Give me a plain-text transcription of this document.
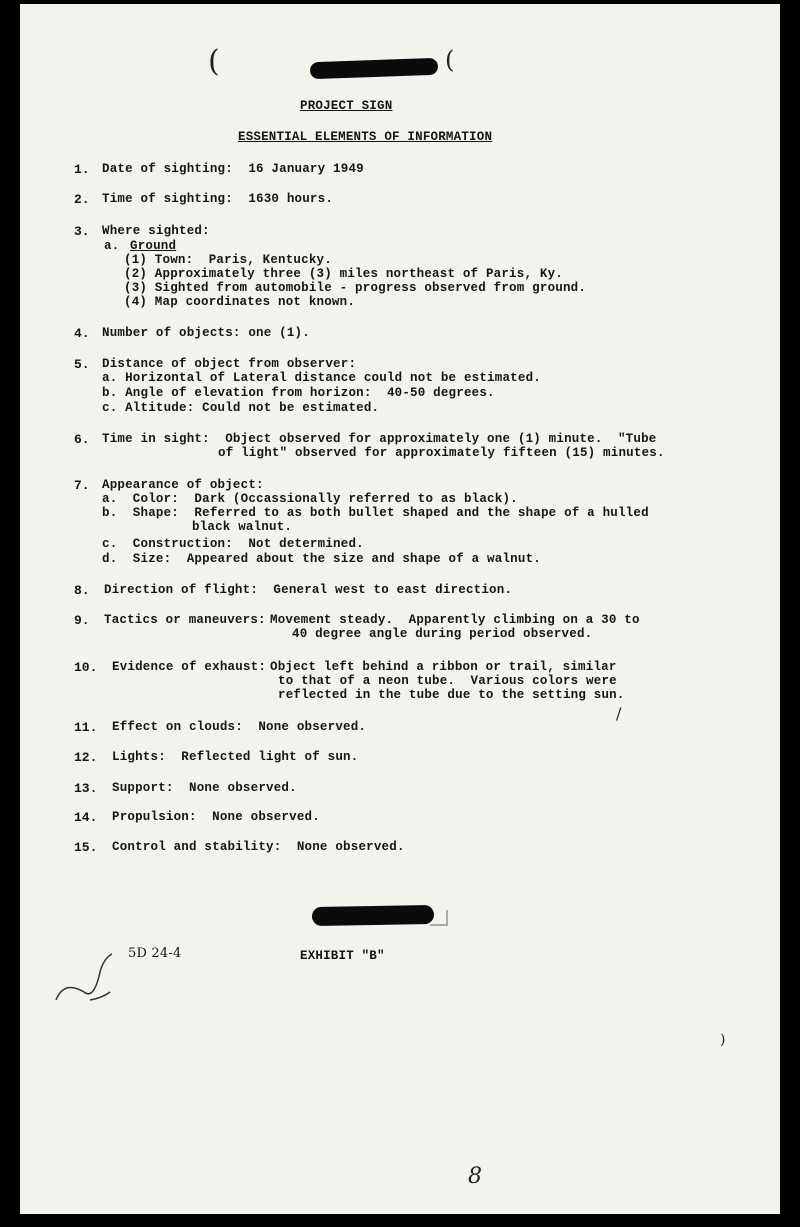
(	(
PROJECT SIGN
ESSENTIAL ELEMENTS OF INFORMATION
1. Date of sighting:  16 January 1949
2. Time of sighting:  1630 hours.
3. Where sighted:
a. Ground
(1) Town:  Paris, Kentucky.
(2) Approximately three (3) miles northeast of Paris, Ky.
(3) Sighted from automobile - progress observed from ground.
(4) Map coordinates not known.
4. Number of objects: one (1).
5. Distance of object from observer:
a. Horizontal of Lateral distance could not be estimated.
b. Angle of elevation from horizon:  40-50 degrees.
c. Altitude: Could not be estimated.
6. Time in sight:  Object observed for approximately one (1) minute.  "Tube
of light" observed for approximately fifteen (15) minutes.
7. Appearance of object:
a.  Color:  Dark (Occassionally referred to as black).
b.  Shape:  Referred to as both bullet shaped and the shape of a hulled
black walnut.
c.  Construction:  Not determined.
d.  Size:  Appeared about the size and shape of a walnut.
8. Direction of flight:  General west to east direction.
9. Tactics or maneuvers: Movement steady.  Apparently climbing on a 30 to
40 degree angle during period observed.
10. Evidence of exhaust: Object left behind a ribbon or trail, similar
to that of a neon tube.  Various colors were
reflected in the tube due to the setting sun.
11. Effect on clouds:  None observed.
12. Lights:  Reflected light of sun.
13. Support:  None observed.
14. Propulsion:  None observed.
15. Control and stability:  None observed.
5D 24-4	EXHIBIT "B"
8
)
/
